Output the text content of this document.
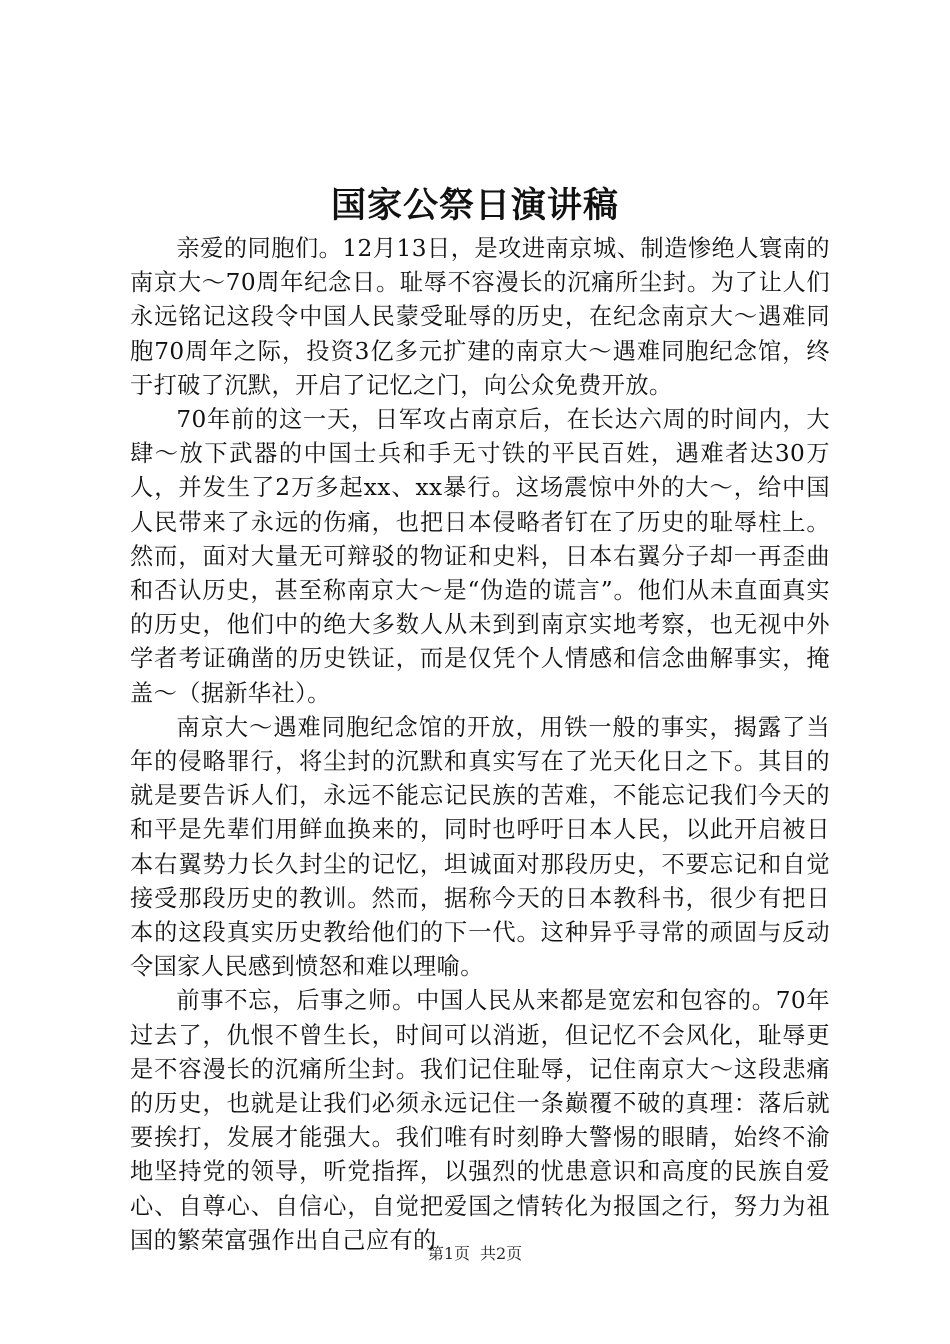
国家公祭日演讲稿

亲爱的同胞们。12月13日，是攻进南京城、制造惨绝人寰南的南京大～70周年纪念日。耻辱不容漫长的沉痛所尘封。为了让人们永远铭记这段令中国人民蒙受耻辱的历史，在纪念南京大～遇难同胞70周年之际，投资3亿多元扩建的南京大～遇难同胞纪念馆，终于打破了沉默，开启了记忆之门，向公众免费开放。

70年前的这一天，日军攻占南京后，在长达六周的时间内，大肆～放下武器的中国士兵和手无寸铁的平民百姓，遇难者达30万人，并发生了2万多起xx、xx暴行。这场震惊中外的大～，给中国人民带来了永远的伤痛，也把日本侵略者钉在了历史的耻辱柱上。然而，面对大量无可辩驳的物证和史料，日本右翼分子却一再歪曲和否认历史，甚至称南京大～是“伪造的谎言”。他们从未直面真实的历史，他们中的绝大多数人从未到到南京实地考察，也无视中外学者考证确凿的历史铁证，而是仅凭个人情感和信念曲解事实，掩盖～（据新华社）。

南京大～遇难同胞纪念馆的开放，用铁一般的事实，揭露了当年的侵略罪行，将尘封的沉默和真实写在了光天化日之下。其目的就是要告诉人们，永远不能忘记民族的苦难，不能忘记我们今天的和平是先辈们用鲜血换来的，同时也呼吁日本人民，以此开启被日本右翼势力长久封尘的记忆，坦诚面对那段历史，不要忘记和自觉接受那段历史的教训。然而，据称今天的日本教科书，很少有把日本的这段真实历史教给他们的下一代。这种异乎寻常的顽固与反动令国家人民感到愤怒和难以理喻。

前事不忘，后事之师。中国人民从来都是宽宏和包容的。70年过去了，仇恨不曾生长，时间可以消逝，但记忆不会风化，耻辱更是不容漫长的沉痛所尘封。我们记住耻辱，记住南京大～这段悲痛的历史，也就是让我们必须永远记住一条巅覆不破的真理：落后就要挨打，发展才能强大。我们唯有时刻睁大警惕的眼睛，始终不渝地坚持党的领导，听党指挥，以强烈的忧患意识和高度的民族自爱心、自尊心、自信心，自觉把爱国之情转化为报国之行，努力为祖国的繁荣富强作出自己应有的

第1页 共2页
